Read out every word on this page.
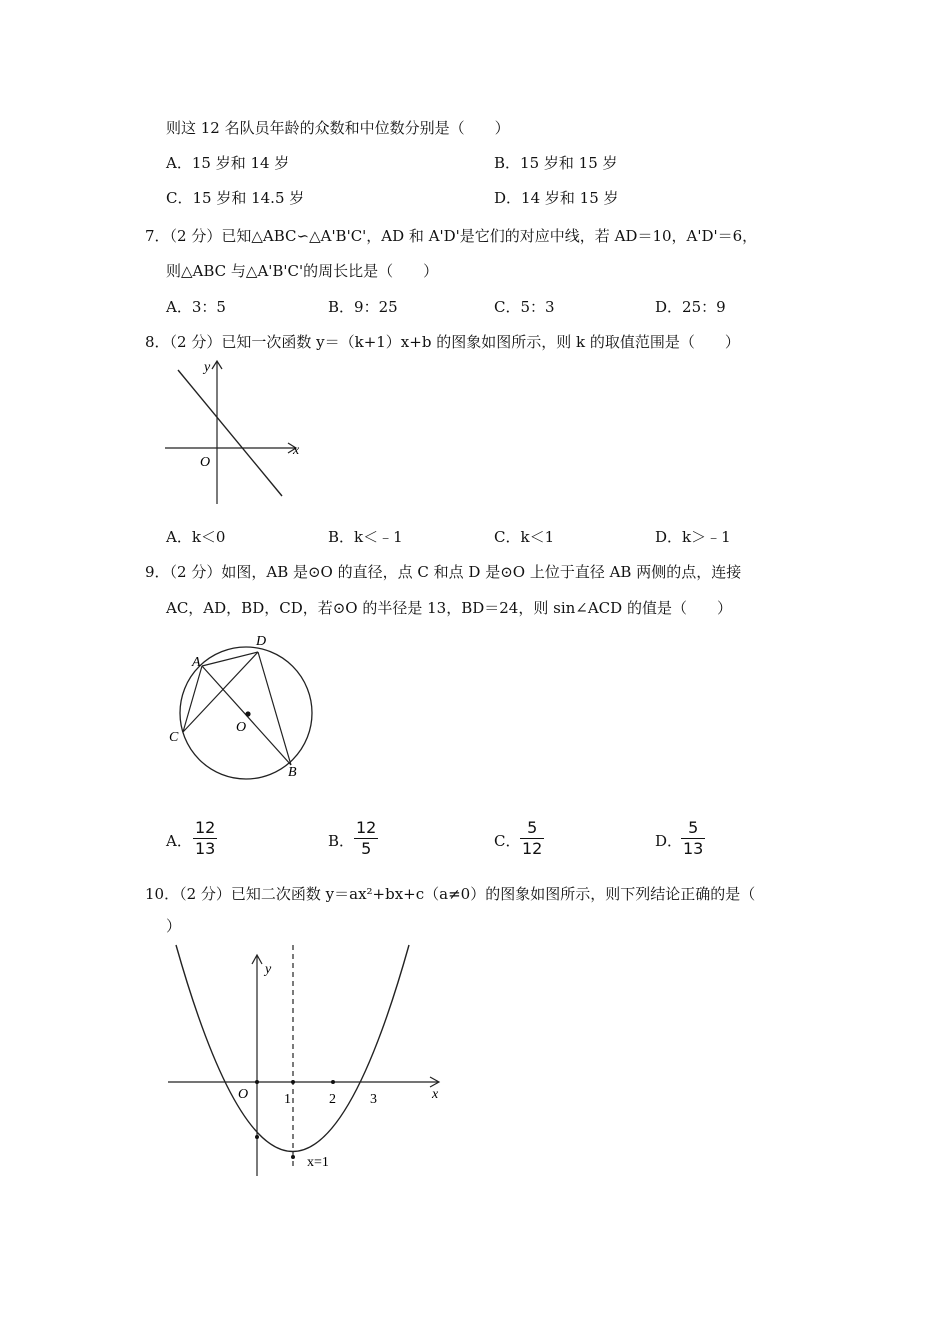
则这 12 名队员年龄的众数和中位数分别是（　　）
A．15 岁和 14 岁	B．15 岁和 15 岁
C．15 岁和 14.5 岁	D．14 岁和 15 岁
7．（2 分）已知△ABC∽△A'B'C'，AD 和 A'D'是它们的对应中线，若 AD＝10，A'D'＝6，
则△ABC 与△A'B'C'的周长比是（　　）
A．3：5	B．9：25	C．5：3	D．25：9
8．（2 分）已知一次函数 y＝（k+1）x+b 的图象如图所示，则 k 的取值范围是（　　）
y
x
O
A．k＜0	B．k＜﹣1	C．k＜1	D．k＞﹣1
9．（2 分）如图，AB 是⊙O 的直径，点 C 和点 D 是⊙O 上位于直径 AB 两侧的点，连接
AC，AD，BD，CD，若⊙O 的半径是 13，BD＝24，则 sin∠ACD 的值是（　　）
A
D
C
O
B
A．
12
13	B．
12
5	C．
5
12	D．
5
13
10．（2 分）已知二次函数 y＝ax²+bx+c（a≠0）的图象如图所示，则下列结论正确的是（
）
y
x
O	1	2 3
x=1
